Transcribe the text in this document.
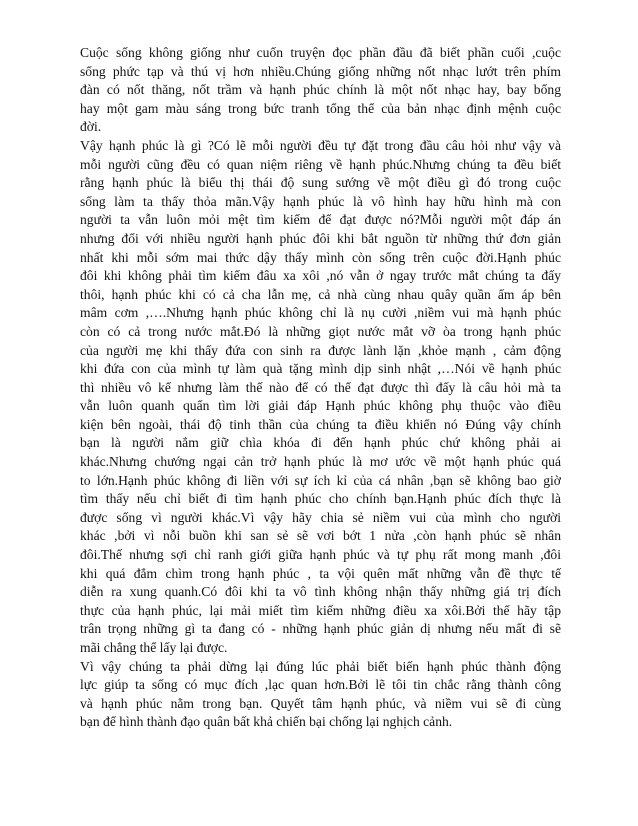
Cuộc sống không giống như cuốn truyện đọc phần đầu đã biết phần cuối ,cuộc
sống phức tạp và thú vị hơn nhiều.Chúng giống những nốt nhạc lướt trên phím
đàn có nốt thăng, nốt trầm và hạnh phúc chính là một nốt nhạc hay, bay bổng
hay một gam màu sáng trong bức tranh tổng thể của bản nhạc định mệnh cuộc
đời.
Vậy hạnh phúc là gì ?Có lẽ mỗi người đều tự đặt trong đầu câu hỏi như vậy và
mỗi người cũng đều có quan niệm riêng về hạnh phúc.Nhưng chúng ta đều biết
rằng hạnh phúc là biểu thị thái độ sung sướng về một điều gì đó trong cuộc
sống làm ta thấy thỏa mãn.Vậy hạnh phúc là vô hình hay hữu hình mà con
người ta vẫn luôn mỏi mệt tìm kiếm để đạt được nó?Mỗi người một đáp án
nhưng đối với nhiều người hạnh phúc đôi khi bắt nguồn từ những thứ đơn giản
nhất khi mỗi sớm mai thức dậy thấy mình còn sống trên cuộc đời.Hạnh phúc
đôi khi không phải tìm kiếm đâu xa xôi ,nó vẫn ở ngay trước mắt chúng ta đấy
thôi, hạnh phúc khi có cả cha lẫn mẹ, cả nhà cùng nhau quây quần ấm áp bên
mâm cơm ,….Nhưng hạnh phúc không chỉ là nụ cười ,niềm vui mà hạnh phúc
còn có cả trong nước mắt.Đó là những giọt nước mắt vỡ òa trong hạnh phúc
của người mẹ khi thấy đứa con sinh ra được lành lặn ,khỏe mạnh , cảm động
khi đứa con của mình tự làm quà tặng mình dịp sinh nhật ,…Nói về hạnh phúc
thì nhiều vô kể nhưng làm thế nào để có thể đạt được thì đấy là câu hỏi mà ta
vẫn luôn quanh quẩn tìm lời giải đáp Hạnh phúc không phụ thuộc vào điều
kiện bên ngoài, thái độ tinh thần của chúng ta điều khiển nó Đúng vậy chính
bạn là người nắm giữ chìa khóa đi đến hạnh phúc chứ không phải ai
khác.Nhưng chướng ngại cản trở hạnh phúc là mơ ước về một hạnh phúc quá
to lớn.Hạnh phúc không đi liền với sự ích kỉ của cá nhân ,bạn sẽ không bao giờ
tìm thấy nếu chỉ biết đi tìm hạnh phúc cho chính bạn.Hạnh phúc đích thực là
được sống vì người khác.Vì vậy hãy chia sẻ niềm vui của mình cho người
khác ,bởi vì nỗi buồn khi san sẻ sẽ vơi bớt 1 nửa ,còn hạnh phúc sẽ nhân
đôi.Thế nhưng sợi chỉ ranh giới giữa hạnh phúc và tự phụ rất mong manh ,đôi
khi quá đắm chìm trong hạnh phúc , ta vội quên mất những vẫn đề thực tế
diễn ra xung quanh.Có đôi khi ta vô tình không nhận thấy những giá trị đích
thực của hạnh phúc, lại mải miết tìm kiếm những điều xa xôi.Bởi thế hãy tập
trân trọng những gì ta đang có - những hạnh phúc giản dị nhưng nếu mất đi sẽ
mãi chẳng thể lấy lại được.
Vì vậy chúng ta phải dừng lại đúng lúc phải biết biến hạnh phúc thành động
lực giúp ta sống có mục đích ,lạc quan hơn.Bởi lẽ tôi tin chắc rằng thành công
và hạnh phúc nằm trong bạn. Quyết tâm hạnh phúc, và niềm vui sẽ đi cùng
bạn để hình thành đạo quân bất khả chiến bại chống lại nghịch cảnh.
